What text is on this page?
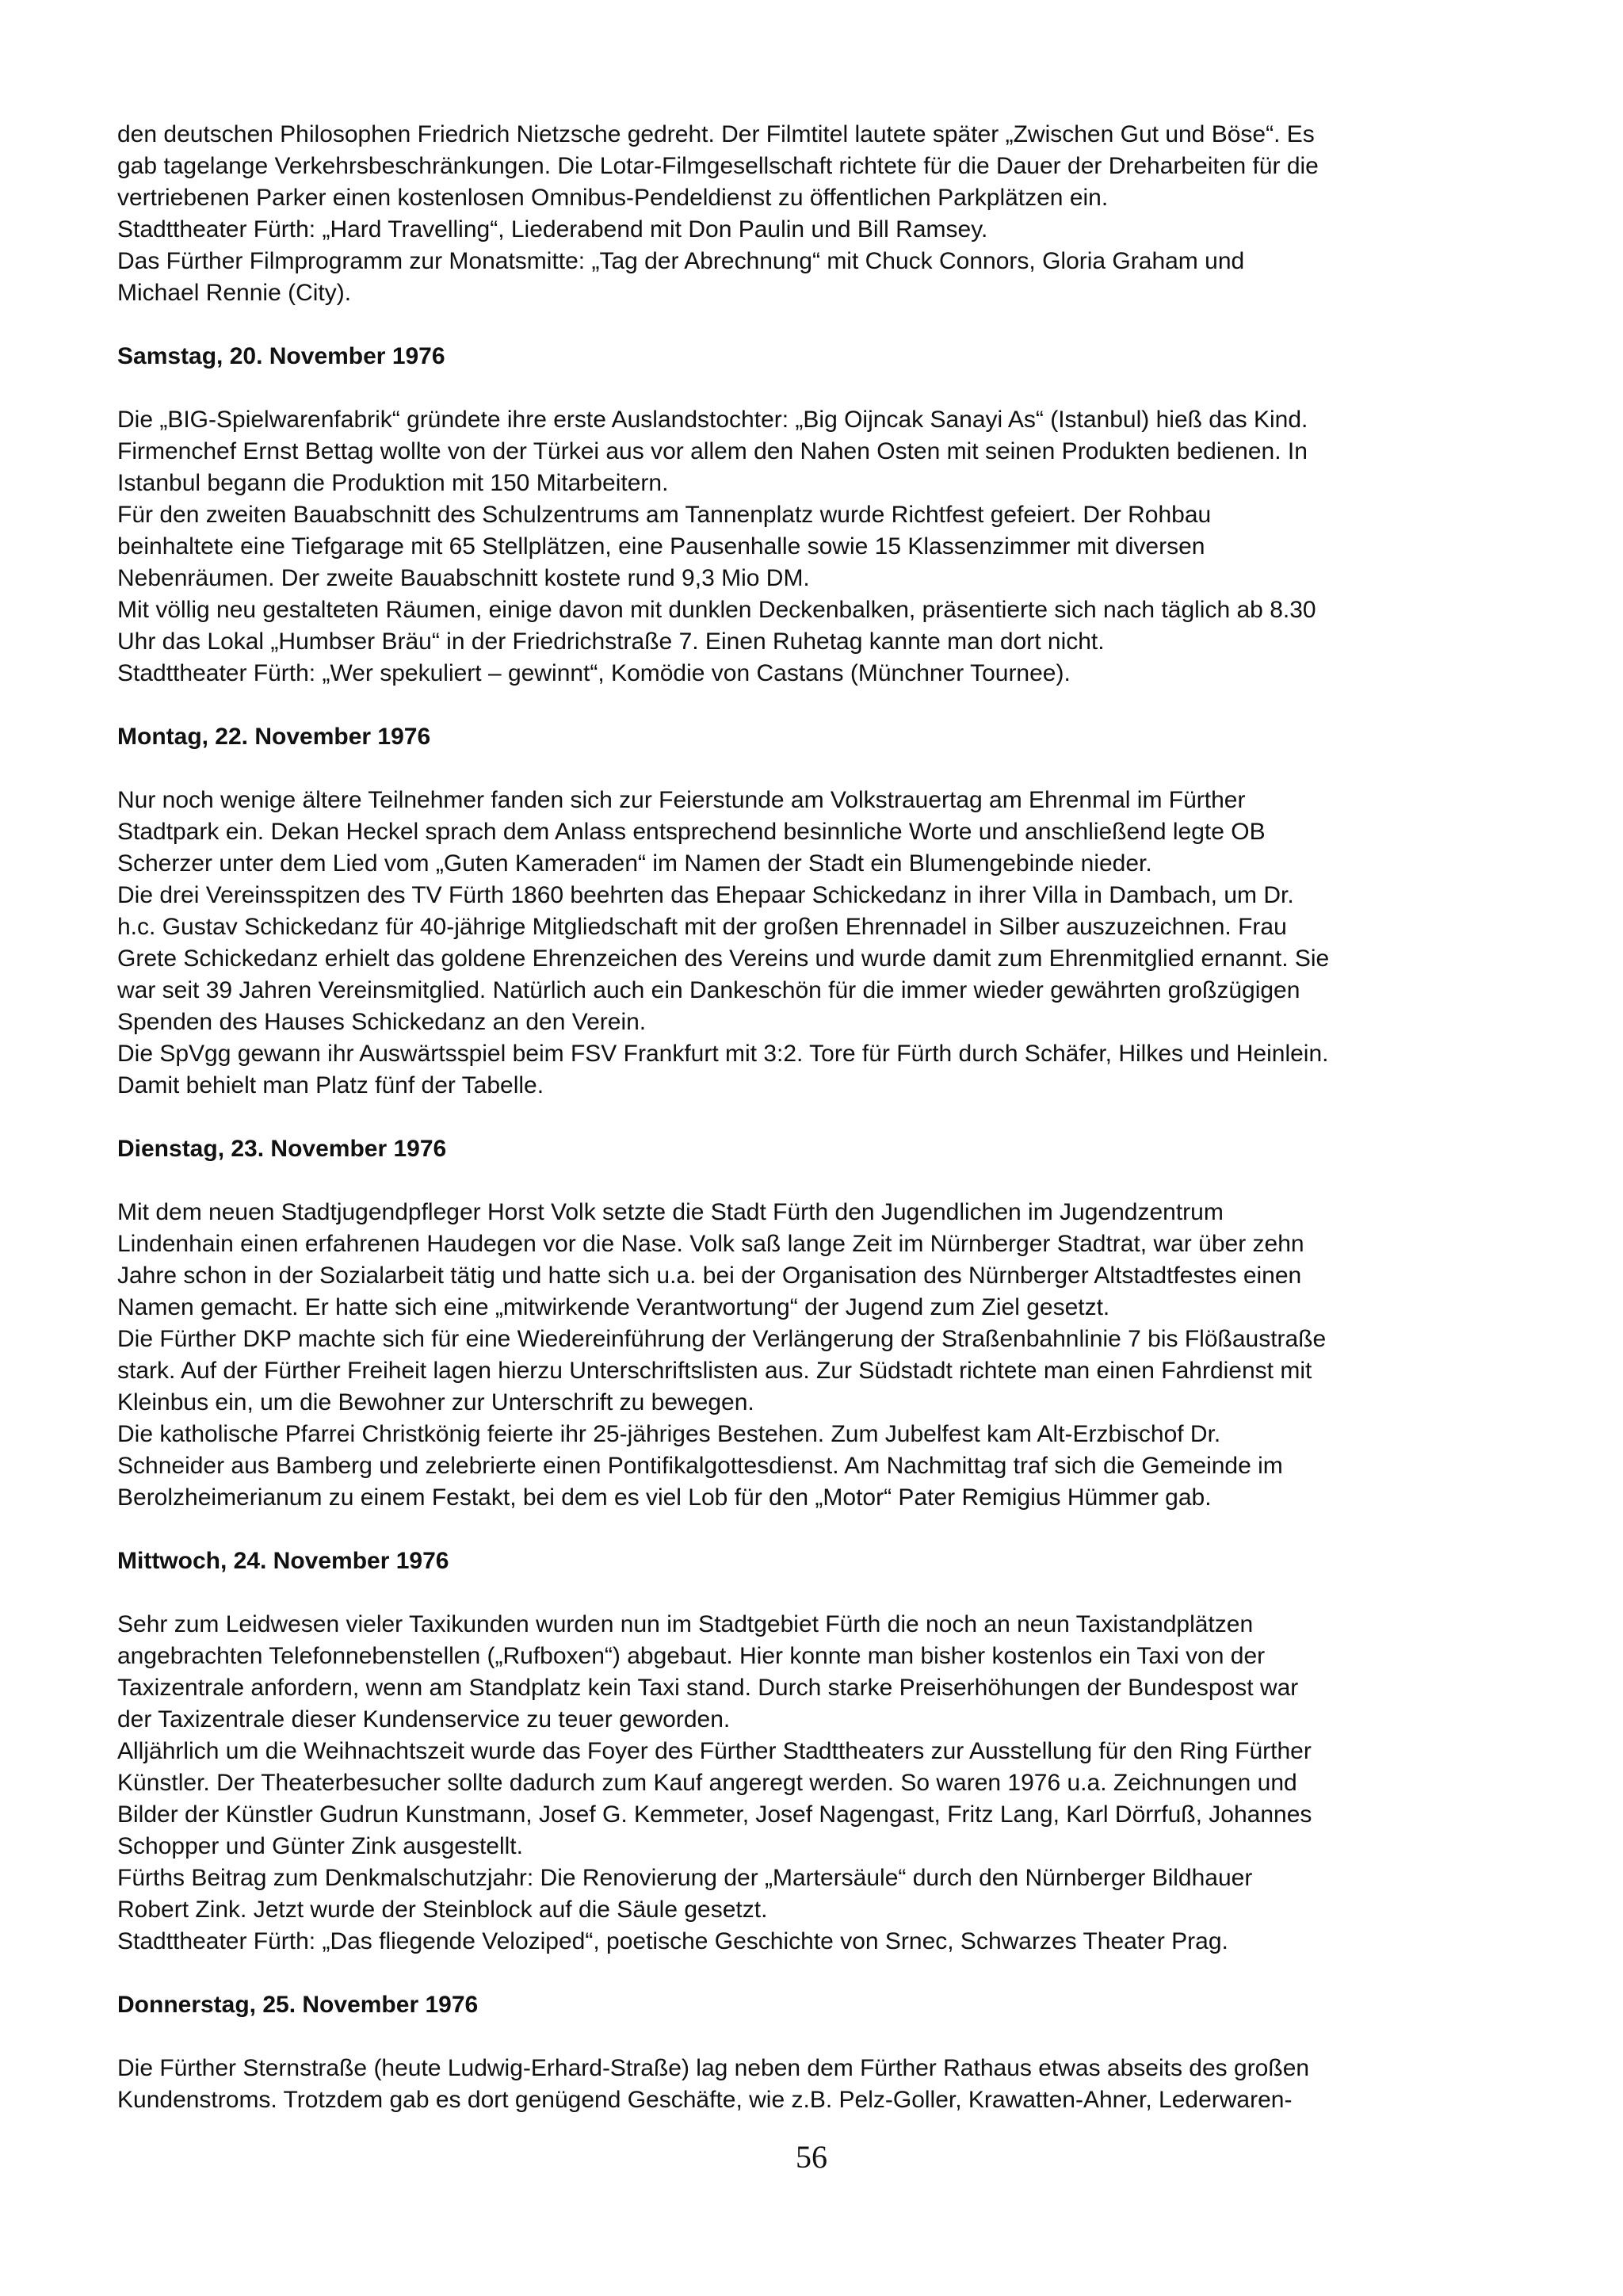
den deutschen Philosophen Friedrich Nietzsche gedreht. Der Filmtitel lautete später „Zwischen Gut und Böse“. Es
gab tagelange Verkehrsbeschränkungen. Die Lotar-Filmgesellschaft richtete für die Dauer der Dreharbeiten für die
vertriebenen Parker einen kostenlosen Omnibus-Pendeldienst zu öffentlichen Parkplätzen ein.
Stadttheater Fürth: „Hard Travelling“, Liederabend mit Don Paulin und Bill Ramsey.
Das Fürther Filmprogramm zur Monatsmitte: „Tag der Abrechnung“ mit Chuck Connors, Gloria Graham und
Michael Rennie (City).
Samstag, 20. November 1976
Die „BIG-Spielwarenfabrik“ gründete ihre erste Auslandstochter: „Big Oijncak Sanayi As“ (Istanbul) hieß das Kind.
Firmenchef Ernst Bettag wollte von der Türkei aus vor allem den Nahen Osten mit seinen Produkten bedienen. In
Istanbul begann die Produktion mit 150 Mitarbeitern.
Für den zweiten Bauabschnitt des Schulzentrums am Tannenplatz wurde Richtfest gefeiert. Der Rohbau
beinhaltete eine Tiefgarage mit 65 Stellplätzen, eine Pausenhalle sowie 15 Klassenzimmer mit diversen
Nebenräumen. Der zweite Bauabschnitt kostete rund 9,3 Mio DM.
Mit völlig neu gestalteten Räumen, einige davon mit dunklen Deckenbalken, präsentierte sich nach täglich ab 8.30
Uhr das Lokal „Humbser Bräu“ in der Friedrichstraße 7. Einen Ruhetag kannte man dort nicht.
Stadttheater Fürth: „Wer spekuliert – gewinnt“, Komödie von Castans (Münchner Tournee).
Montag, 22. November 1976
Nur noch wenige ältere Teilnehmer fanden sich zur Feierstunde am Volkstrauertag am Ehrenmal im Fürther
Stadtpark ein. Dekan Heckel sprach dem Anlass entsprechend besinnliche Worte und anschließend legte OB
Scherzer unter dem Lied vom „Guten Kameraden“ im Namen der Stadt ein Blumengebinde nieder.
Die drei Vereinsspitzen des TV Fürth 1860 beehrten das Ehepaar Schickedanz in ihrer Villa in Dambach, um Dr.
h.c. Gustav Schickedanz für 40-jährige Mitgliedschaft mit der großen Ehrennadel in Silber auszuzeichnen. Frau
Grete Schickedanz erhielt das goldene Ehrenzeichen des Vereins und wurde damit zum Ehrenmitglied ernannt. Sie
war seit 39 Jahren Vereinsmitglied. Natürlich auch ein Dankeschön für die immer wieder gewährten großzügigen
Spenden des Hauses Schickedanz an den Verein.
Die SpVgg gewann ihr Auswärtsspiel beim FSV Frankfurt mit 3:2. Tore für Fürth durch Schäfer, Hilkes und Heinlein.
Damit behielt man Platz fünf der Tabelle.
Dienstag, 23. November 1976
Mit dem neuen Stadtjugendpfleger Horst Volk setzte die Stadt Fürth den Jugendlichen im Jugendzentrum
Lindenhain einen erfahrenen Haudegen vor die Nase. Volk saß lange Zeit im Nürnberger Stadtrat, war über zehn
Jahre schon in der Sozialarbeit tätig und hatte sich u.a. bei der Organisation des Nürnberger Altstadtfestes einen
Namen gemacht. Er hatte sich eine „mitwirkende Verantwortung“ der Jugend zum Ziel gesetzt.
Die Fürther DKP machte sich für eine Wiedereinführung der Verlängerung der Straßenbahnlinie 7 bis Flößaustraße
stark. Auf der Fürther Freiheit lagen hierzu Unterschriftslisten aus. Zur Südstadt richtete man einen Fahrdienst mit
Kleinbus ein, um die Bewohner zur Unterschrift zu bewegen.
Die katholische Pfarrei Christkönig feierte ihr 25-jähriges Bestehen. Zum Jubelfest kam Alt-Erzbischof Dr.
Schneider aus Bamberg und zelebrierte einen Pontifikalgottesdienst. Am Nachmittag traf sich die Gemeinde im
Berolzheimerianum zu einem Festakt, bei dem es viel Lob für den „Motor“ Pater Remigius Hümmer gab.
Mittwoch, 24. November 1976
Sehr zum Leidwesen vieler Taxikunden wurden nun im Stadtgebiet Fürth die noch an neun Taxistandplätzen
angebrachten Telefonnebenstellen („Rufboxen“) abgebaut. Hier konnte man bisher kostenlos ein Taxi von der
Taxizentrale anfordern, wenn am Standplatz kein Taxi stand. Durch starke Preiserhöhungen der Bundespost war
der Taxizentrale dieser Kundenservice zu teuer geworden.
Alljährlich um die Weihnachtszeit wurde das Foyer des Fürther Stadttheaters zur Ausstellung für den Ring Fürther
Künstler. Der Theaterbesucher sollte dadurch zum Kauf angeregt werden. So waren 1976 u.a. Zeichnungen und
Bilder der Künstler Gudrun Kunstmann, Josef G. Kemmeter, Josef Nagengast, Fritz Lang, Karl Dörrfuß, Johannes
Schopper und Günter Zink ausgestellt.
Fürths Beitrag zum Denkmalschutzjahr: Die Renovierung der „Martersäule“ durch den Nürnberger Bildhauer
Robert Zink. Jetzt wurde der Steinblock auf die Säule gesetzt.
Stadttheater Fürth: „Das fliegende Veloziped“, poetische Geschichte von Srnec, Schwarzes Theater Prag.
Donnerstag, 25. November 1976
Die Fürther Sternstraße (heute Ludwig-Erhard-Straße) lag neben dem Fürther Rathaus etwas abseits des großen
Kundenstroms. Trotzdem gab es dort genügend Geschäfte, wie z.B. Pelz-Goller, Krawatten-Ahner, Lederwaren-
56
